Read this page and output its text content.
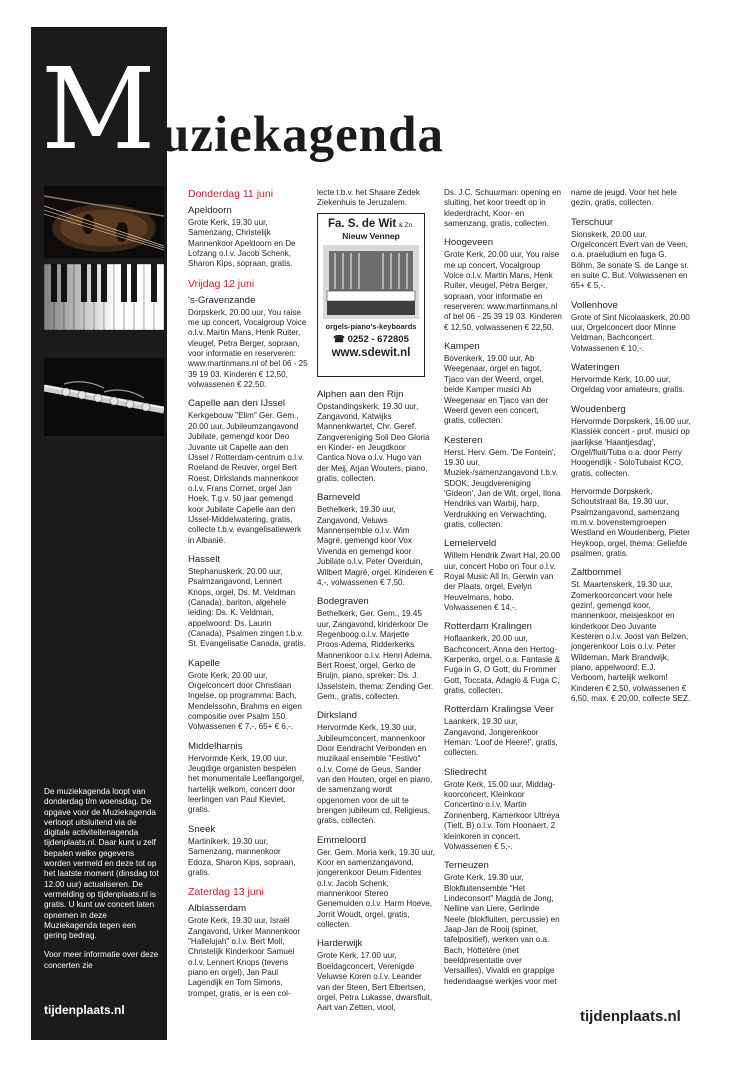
M uziekagenda

De muziekagenda loopt van donderdag t/m woensdag. De opgave voor de Muziekagenda verloopt uitsluitend via de digitale activiteitenagenda tijdenplaats.nl. Daar kunt u zelf bepalen welke gegevens worden vermeld en deze tot op het laatste moment (dinsdag tot 12.00 uur) actualiseren. De vermelding op tijdenplaats.nl is gratis. U kunt uw concert laten opnemen in deze Muziekagenda tegen een gering bedrag.

Voor meer informatie over deze concerten zie

tijdenplaats.nl
Donderdag 11 juni
Apeldoorn
Grote Kerk, 19.30 uur, Samenzang, Christelijk Mannenkoor Apeldoorn en De Lofzang o.l.v. Jacob Schenk, Sharon Kips, sopraan, gratis.
Vrijdag 12 juni
's-Gravenzande
Dorpskerk, 20.00 uur, You raise me up concert, Vocalgroup Voice o.l.v. Martin Mans, Henk Ruiter, vleugel, Petra Berger, sopraan, voor informatie en reserveren: www.martinmans.nl of bel 06 - 25 39 19 03. Kinderen € 12,50, volwassenen € 22,50.
Capelle aan den IJssel
Kerkgebouw "Elim" Ger. Gem., 20.00 uur, Jubileumzangavond Jubilate, gemengd koor Deo Juvante uit Capelle aan den IJssel / Rotterdam-centrum o.l.v. Roeland de Reuver, orgel Bert Roest, Dirkslands mannenkoor o.l.v. Frans Cornet, orgel Jan Hoek, T.g.v. 50 jaar gemengd koor Jubilate Capelle aan den IJssel-Middelwatering, gratis, collecte t.b.v. evangelisatiewerk in Albanië.
Hasselt
Stephanuskerk, 20.00 uur, Psalmzangavond, Lennert Knops, orgel, Ds. M. Veldman (Canada), bariton, algehele leiding: Ds. K. Veldman, appelwoord: Ds. Laurin (Canada), Psalmen zingen t.b.v. St. Evangelisatie Canada, gratis.
Kapelle
Grote Kerk, 20.00 uur, Orgelconcert door Christiaan Ingelse, op programma: Bach, Mendelssohn, Brahms en eigen compositie over Psalm 150. Volwassenen € 7,-, 65+ € 6,-.
Middelharnis
Hervormde Kerk, 19.00 uur, Jeugdige organisten bespelen het monumentale Leeflangorgel, hartelijk welkom, concert door leerlingen van Paul Kieviet, gratis.
Sneek
Martinikerk, 19.30 uur, Samenzang, mannenkoor Edoza, Sharon Kips, sopraan, gratis.
Zaterdag 13 juni
Alblasserdam
Grote Kerk, 19.30 uur, Israël Zangavond, Urker Mannenkoor "Hallelujah" o.l.v. Bert Moll, Christelijk Kinderkoor Samuel o.l.v. Lennert Knops (tevens piano en orgel), Jan Paul Lagendijk en Tom Simons, trompet, gratis, er is een col-
lecte t.b.v. het Shaare Zedek Ziekenhuis te Jeruzalem.
Fa. S. de Wit & Zn.
Nieuw Vennep
orgels-piano's-keyboards
☎ 0252 - 672805
www.sdewit.nl
Alphen aan den Rijn
Opstandingskerk, 19.30 uur, Zangavond, Katwijks Mannenkwartet, Chr. Geref. Zangvereniging Soli Deo Gloria en Kinder- en Jeugdkoor Cantica Nova o.l.v. Hugo van der Meij, Arjan Wouters, piano, gratis, collecten.
Barneveld
Bethelkerk, 19.30 uur, Zangavond, Veluws Mannensemble o.l.v. Wim Magré, gemengd koor Vox Vivenda en gemengd koor Jubilate o.l.v. Peter Overduin, Wilbert Magré, orgel. Kinderen € 4,-, volwassenen € 7,50.
Bodegraven
Bethelkerk, Ger. Gem., 19.45 uur, Zangavond, kinderkoor De Regenboog o.l.v. Marjette Proos-Adema, Ridderkerks Mannenkoor o.l.v. Henri Adema, Bert Roest, orgel, Gerko de Bruijn, piano, spreker: Ds. J. IJsselstein, thema: Zending Ger. Gem., gratis, collecten.
Dirksland
Hervormde Kerk, 19.30 uur, Jubileumconcert, mannenkoor Door Eendracht Verbonden en muzikaal ensemble "Festivo" o.l.v. Corné de Geus, Sander van den Houten, orgel en piano, de samenzang wordt opgenomen voor de uit te brengen jubileum cd, Religieus, gratis, collecten.
Emmeloord
Ger. Gem. Moria kerk, 19.30 uur, Koor en samenzangavond, jongerenkoor Deum Fidentes o.l.v. Jacob Schenk, mannenkoor Stereo Genemuiden o.l.v. Harm Hoeve, Jorrit Woudt, orgel, gratis, collecten.
Harderwijk
Grote Kerk, 17.00 uur, Boeldagconcert, Verenigde Veluwse Koren o.l.v. Leander van der Steen, Bert Elbertsen, orgel, Petra Lukasse, dwarsfluit, Aart van Zetten, viool,
Ds. J.C. Schuurman: opening en sluiting, het koor treedt op in klederdracht, Koor- en samenzang, gratis, collecten.
Hoogeveen
Grote Kerk, 20.00 uur, You raise me up concert, Vocalgroup Voice o.l.v. Martin Mans, Henk Ruiter, vleugel, Petra Berger, sopraan, voor informatie en reserveren: www.martinmans.nl of bel 06 - 25 39 19 03. Kinderen € 12,50, volwassenen € 22,50.
Kampen
Bovenkerk, 19.00 uur, Ab Weegenaar, orgel en fagot, Tjaco van der Weerd, orgel, beide Kamper musici Ab Weegenaar en Tjaco van der Weerd geven een concert, gratis, collecten.
Kesteren
Herst. Herv. Gem. 'De Fontein', 19.30 uur, Muziek-/samenzangavond t.b.v. SDOK, Jeugdvereniging 'Gideon', Jan de Wit, orgel, Ilona Hendriks van Warbij, harp, Verdrukking en Verwachting, gratis, collecten.
Lemelerveld
Willem Hendrik Zwart Hal, 20.00 uur, concert Hobo on Tour o.l.v. Royal Music All In, Gerwin van der Plaats, orgel, Evelyn Heuvelmans, hobo. Volwassenen € 14,-.
Rotterdam Kralingen
Hoflaankerk, 20.00 uur, Bachconcert, Anna den Hertog-Karpenko, orgel, o.a. Fantasie & Fuga in G, O Gott, du Frommer Gott, Toccata, Adagio & Fuga C, gratis, collecten.
Rotterdam Kralingse Veer
Laankerk, 19.30 uur, Zangavond, Jongerenkoor Heman: 'Loof de Heere!', gratis, collecten.
Sliedrecht
Grote Kerk, 15.00 uur, Middag-koorconcert, Kleinkoor Concertino o.l.v. Martin Zonnenberg, Kamerkoor Ultreya (Tielt, B) o.l.v. Tom Hoonaert, 2 kleinkoren in concert. Volwassenen € 5,-.
Terneuzen
Grote Kerk, 19.30 uur, Blokfluitensemble "Het Lindeconsort" Magda de Jong, Nelline van Liere, Gerlinde Neele (blokfluiten, percussie) en Jaap-Jan de Rooij (spinet, tafelpositief), werken van o.a. Bach, Hottetère (met beeldpresentatie over Versailles), Vivaldi en grappige hedendaagse werkjes voor met
name de jeugd. Voor het hele gezin, gratis, collecten.
Terschuur
Sionskerk, 20.00 uur, Orgelconcert Evert van de Veen, o.a. praeludium en fuga G. Böhm, 3e sonate S. de Lange sr. en suite C. But. Volwassenen en 65+ € 5,-.
Vollenhove
Grote of Sint Nicolaaskerk, 20.00 uur, Orgelconcert door Minne Veldman, Bachconcert. Volwassenen € 10,-.
Wateringen
Hervormde Kerk, 10.00 uur, Orgeldag voor amateurs, gratis.
Woudenberg
Hervormde Dorpskerk, 16.00 uur, Klassiek concert - prof. musici op jaarlijkse 'Haantjesdag', Orgel/fluit/Tuba o.a. door Perry Hoogendijk - SoloTubaist KCO, gratis, collecten.
Hervormde Dorpskerk, Schoutstraat 8a, 19.30 uur, Psalmzangavond, samenzang m.m.v. bovenstemgroepen Westland en Woudenberg, Pieter Heykoop, orgel, thema: Geliefde psalmen, gratis.
Zaltbommel
St. Maartenskerk, 19.30 uur, Zomerkoorconcert voor hele gezin!, gemengd koor, mannenkoor, meisjeskoor en kinderkoor Deo Juvante Kesteren o.l.v. Joost van Belzen, jongerenkoor Lois o.l.v. Peter Wildeman, Mark Brandwijk, piano, appelwoord: E.J. Verboom, hartelijk welkom! Kinderen € 2,50, volwassenen € 6,50, max. € 20,00, collecte SEZ.
tijdenplaats.nl
